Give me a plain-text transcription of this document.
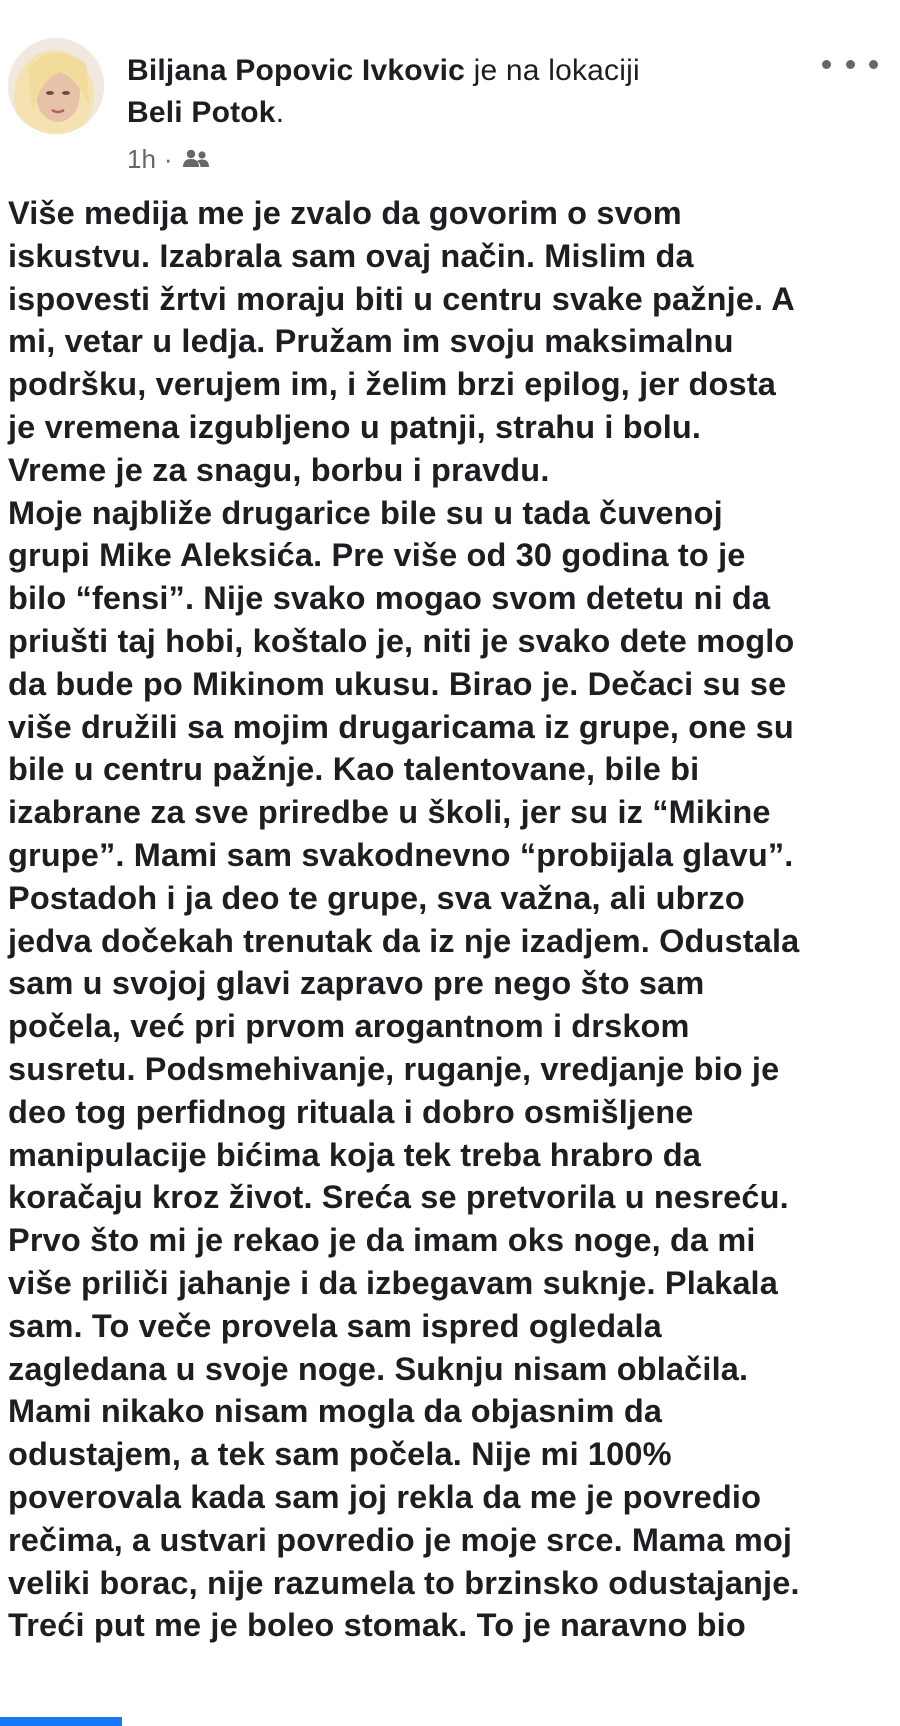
Biljana Popovic Ivkovic je na lokaciji
Beli Potok.
1h ·
Više medija me je zvalo da govorim o svom
iskustvu. Izabrala sam ovaj način. Mislim da
ispovesti žrtvi moraju biti u centru svake pažnje. A
mi, vetar u ledja. Pružam im svoju maksimalnu
podršku, verujem im, i želim brzi epilog, jer dosta
je vremena izgubljeno u patnji, strahu i bolu.
Vreme je za snagu, borbu i pravdu.
Moje najbliže drugarice bile su u tada čuvenoj
grupi Mike Aleksića. Pre više od 30 godina to je
bilo “fensi”. Nije svako mogao svom detetu ni da
priušti taj hobi, koštalo je, niti je svako dete moglo
da bude po Mikinom ukusu. Birao je. Dečaci su se
više družili sa mojim drugaricama iz grupe, one su
bile u centru pažnje. Kao talentovane, bile bi
izabrane za sve priredbe u školi, jer su iz “Mikine
grupe”. Mami sam svakodnevno “probijala glavu”.
Postadoh i ja deo te grupe, sva važna, ali ubrzo
jedva dočekah trenutak da iz nje izadjem. Odustala
sam u svojoj glavi zapravo pre nego što sam
počela, već pri prvom arogantnom i drskom
susretu. Podsmehivanje, ruganje, vredjanje bio je
deo tog perfidnog rituala i dobro osmišljene
manipulacije bićima koja tek treba hrabro da
koračaju kroz život. Sreća se pretvorila u nesreću.
Prvo što mi je rekao je da imam oks noge, da mi
više priliči jahanje i da izbegavam suknje. Plakala
sam. To veče provela sam ispred ogledala
zagledana u svoje noge. Suknju nisam oblačila.
Mami nikako nisam mogla da objasnim da
odustajem, a tek sam počela. Nije mi 100%
poverovala kada sam joj rekla da me je povredio
rečima, a ustvari povredio je moje srce. Mama moj
veliki borac, nije razumela to brzinsko odustajanje.
Treći put me je boleo stomak. To je naravno bio
